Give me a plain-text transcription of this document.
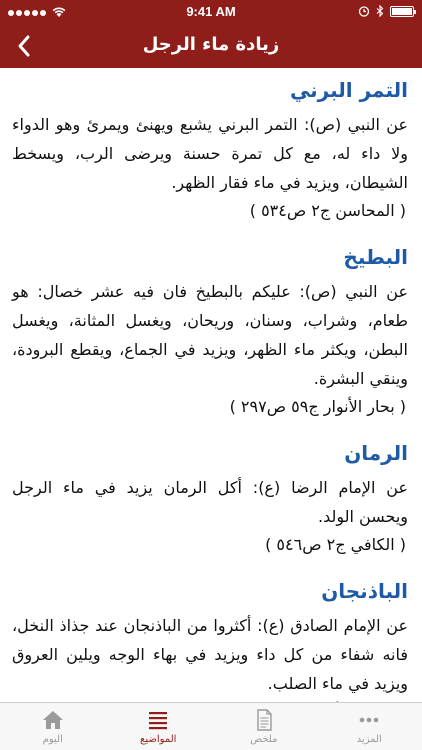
9:41 AM
زيادة ماء الرجل
التمر البرني
عن النبي (ص): التمر البرني يشبع ويهنئ ويمرئ وهو الدواء ولا داء له، مع كل تمرة حسنة ويرضى الرب، ويسخط الشيطان، ويزيد في ماء فقار الظهر.
( المحاسن ج٢ ص٥٣٤ )
البطيخ
عن النبي (ص): عليكم بالبطيخ فان فيه عشر خصال: هو طعام، وشراب، وسنان، وريحان، ويغسل المثانة، ويغسل البطن، ويكثر ماء الظهر، ويزيد في الجماع، ويقطع البرودة، وينقي البشرة.
( بحار الأنوار ج٥٩ ص٢٩٧ )
الرمان
عن الإمام الرضا (ع): أكل الرمان يزيد في ماء الرجل ويحسن الولد.
( الكافي ج٢ ص٥٤٦ )
الباذنجان
عن الإمام الصادق (ع): أكثروا من الباذنجان عند جذاذ النخل، فانه شفاء من كل داء ويزيد في بهاء الوجه ويلين العروق ويزيد في ماء الصلب.
اليوم	المواضيع	ملخص	المزيد
